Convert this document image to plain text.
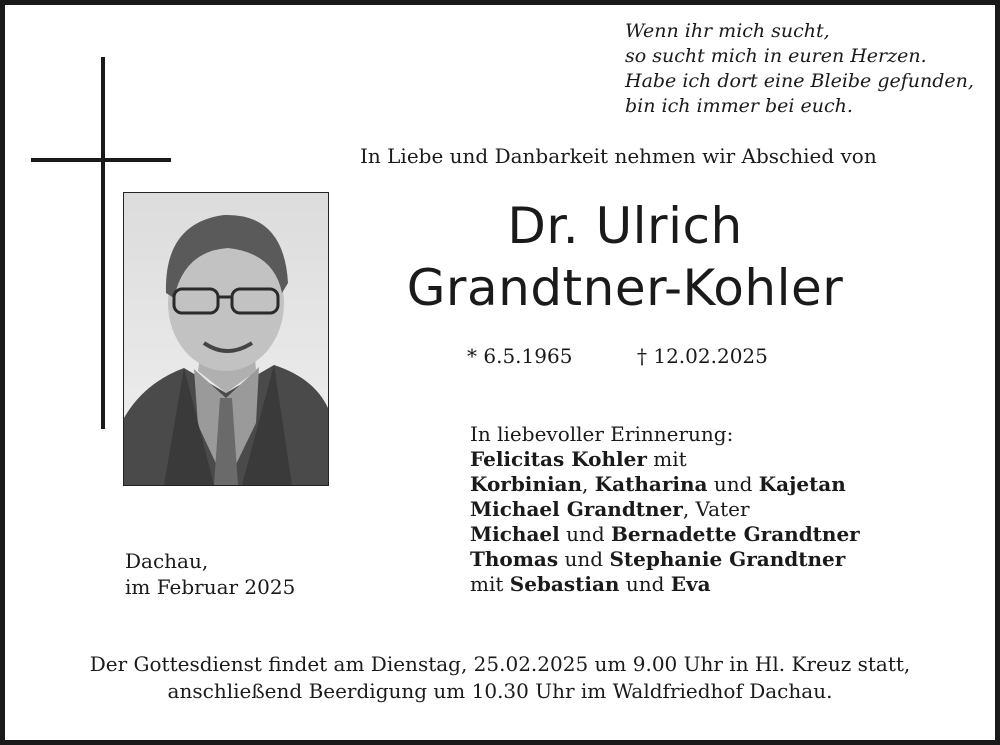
Wenn ihr mich sucht,
so sucht mich in euren Herzen.
Habe ich dort eine Bleibe gefunden,
bin ich immer bei euch.
In Liebe und Danbarkeit nehmen wir Abschied von
Dr. Ulrich
Grandtner-Kohler
* 6.5.1965	† 12.02.2025
In liebevoller Erinnerung:
Felicitas Kohler mit
Korbinian, Katharina und Kajetan
Michael Grandtner, Vater
Michael und Bernadette Grandtner
Thomas und Stephanie Grandtner
mit Sebastian und Eva
Dachau,
im Februar 2025
Der Gottesdienst findet am Dienstag, 25.02.2025 um 9.00 Uhr in Hl. Kreuz statt,
anschließend Beerdigung um 10.30 Uhr im Waldfriedhof Dachau.
